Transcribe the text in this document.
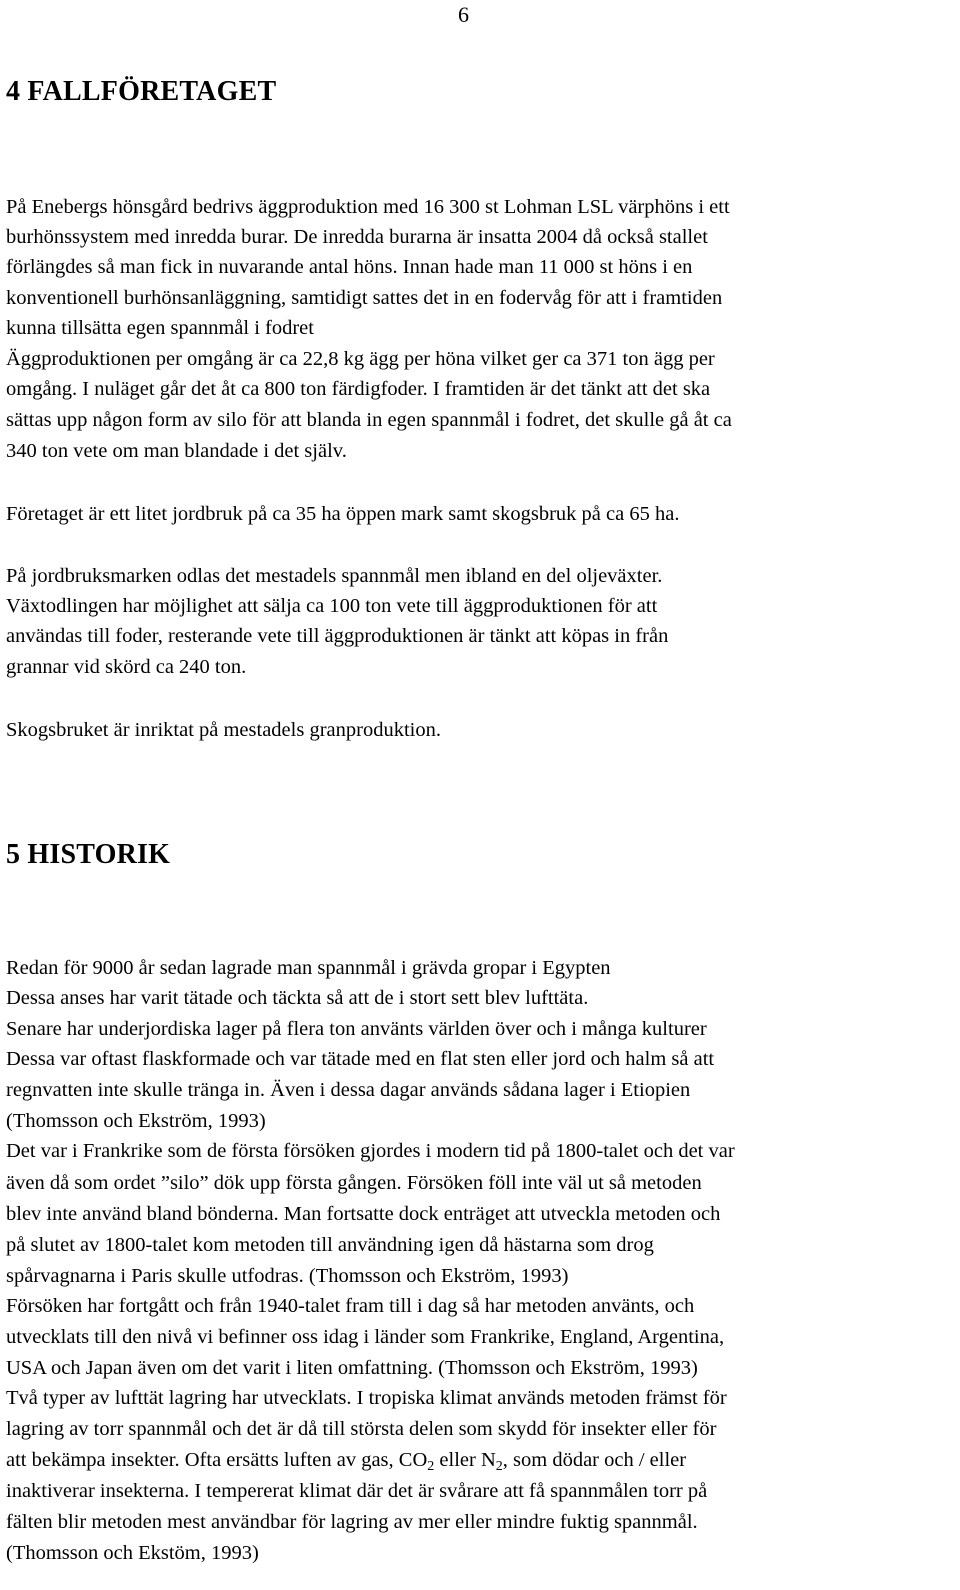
6
4 FALLFÖRETAGET
På Enebergs hönsgård bedrivs äggproduktion med 16 300 st Lohman LSL värphöns i ett
burhönssystem med inredda burar. De inredda burarna är insatta 2004 då också stallet
förlängdes så man fick in nuvarande antal höns. Innan hade man 11 000 st höns i en
konventionell burhönsanläggning, samtidigt sattes det in en fodervåg för att i framtiden
kunna tillsätta egen spannmål i fodret
Äggproduktionen per omgång är ca 22,8 kg ägg per höna vilket ger ca 371 ton ägg per
omgång. I nuläget går det åt ca 800 ton färdigfoder. I framtiden är det tänkt att det ska
sättas upp någon form av silo för att blanda in egen spannmål i fodret, det skulle gå åt ca
340 ton vete om man blandade i det själv.
Företaget är ett litet jordbruk på ca 35 ha öppen mark samt skogsbruk på ca 65 ha.
På jordbruksmarken odlas det mestadels spannmål men ibland en del oljeväxter.
Växtodlingen har möjlighet att sälja ca 100 ton vete till äggproduktionen för att
användas till foder, resterande vete till äggproduktionen är tänkt att köpas in från
grannar vid skörd ca 240 ton.
Skogsbruket är inriktat på mestadels granproduktion.
5 HISTORIK
Redan för 9000 år sedan lagrade man spannmål i grävda gropar i Egypten
Dessa anses har varit tätade och täckta så att de i stort sett blev lufttäta.
Senare har underjordiska lager på flera ton använts världen över och i många kulturer
Dessa var oftast flaskformade och var tätade med en flat sten eller jord och halm så att
regnvatten inte skulle tränga in. Även i dessa dagar används sådana lager i Etiopien
(Thomsson och Ekström, 1993)
Det var i Frankrike som de första försöken gjordes i modern tid på 1800-talet och det var
även då som ordet ”silo” dök upp första gången. Försöken föll inte väl ut så metoden
blev inte använd bland bönderna. Man fortsatte dock enträget att utveckla metoden och
på slutet av 1800-talet kom metoden till användning igen då hästarna som drog
spårvagnarna i Paris skulle utfodras. (Thomsson och Ekström, 1993)
Försöken har fortgått och från 1940-talet fram till i dag så har metoden använts, och
utvecklats till den nivå vi befinner oss idag i länder som Frankrike, England, Argentina,
USA och Japan även om det varit i liten omfattning. (Thomsson och Ekström, 1993)
Två typer av lufttät lagring har utvecklats. I tropiska klimat används metoden främst för
lagring av torr spannmål och det är då till största delen som skydd för insekter eller för
att bekämpa insekter. Ofta ersätts luften av gas, $CO_2$ eller $N_2$, som dödar och / eller
inaktiverar insekterna. I tempererat klimat där det är svårare att få spannmålen torr på
fälten blir metoden mest användbar för lagring av mer eller mindre fuktig spannmål.
(Thomsson och Ekstöm, 1993)
